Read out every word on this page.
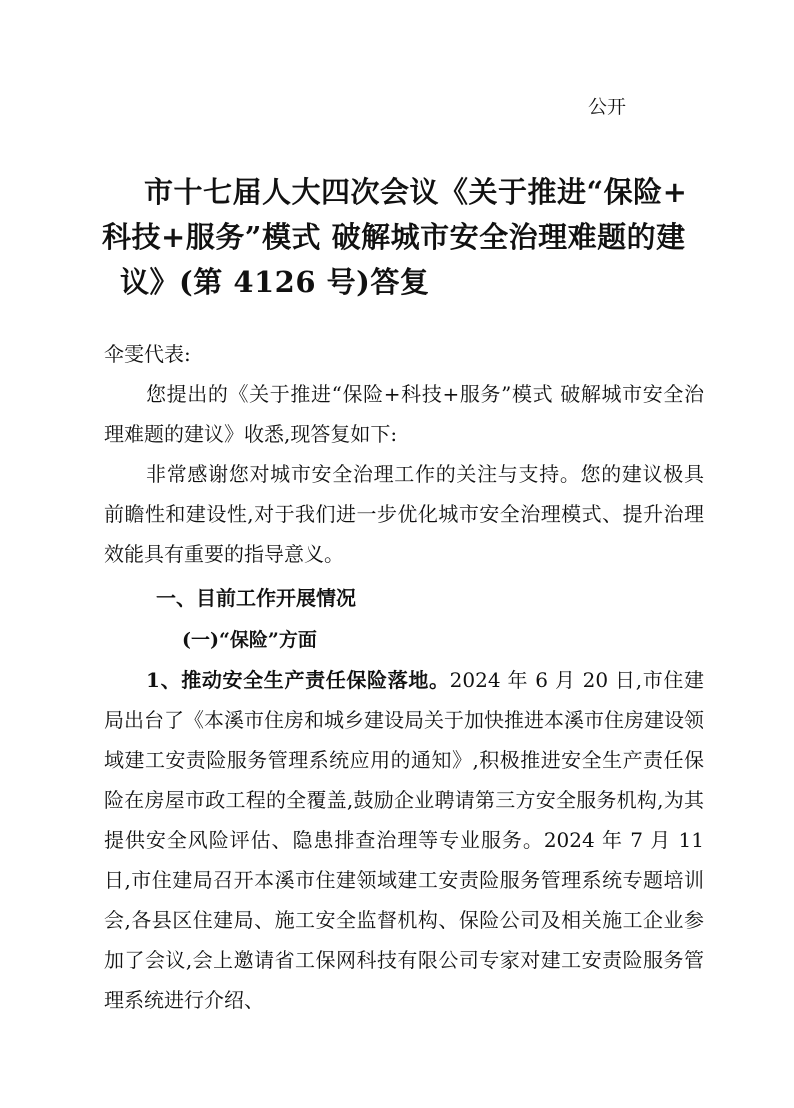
公开
市十七届人大四次会议《关于推进“保险+
科技+服务”模式 破解城市安全治理难题的建
议》(第 4126 号)答复

伞雯代表:

您提出的《关于推进“保险+科技+服务”模式 破解城市安全治理难题的建议》收悉,现答复如下:

非常感谢您对城市安全治理工作的关注与支持。您的建议极具前瞻性和建设性,对于我们进一步优化城市安全治理模式、提升治理效能具有重要的指导意义。

一、目前工作开展情况

(一)“保险”方面

1、推动安全生产责任保险落地。2024 年 6 月 20 日,市住建局出台了《本溪市住房和城乡建设局关于加快推进本溪市住房建设领域建工安责险服务管理系统应用的通知》,积极推进安全生产责任保险在房屋市政工程的全覆盖,鼓励企业聘请第三方安全服务机构,为其提供安全风险评估、隐患排查治理等专业服务。2024 年 7 月 11 日,市住建局召开本溪市住建领域建工安责险服务管理系统专题培训会,各县区住建局、施工安全监督机构、保险公司及相关施工企业参加了会议,会上邀请省工保网科技有限公司专家对建工安责险服务管理系统进行介绍、
